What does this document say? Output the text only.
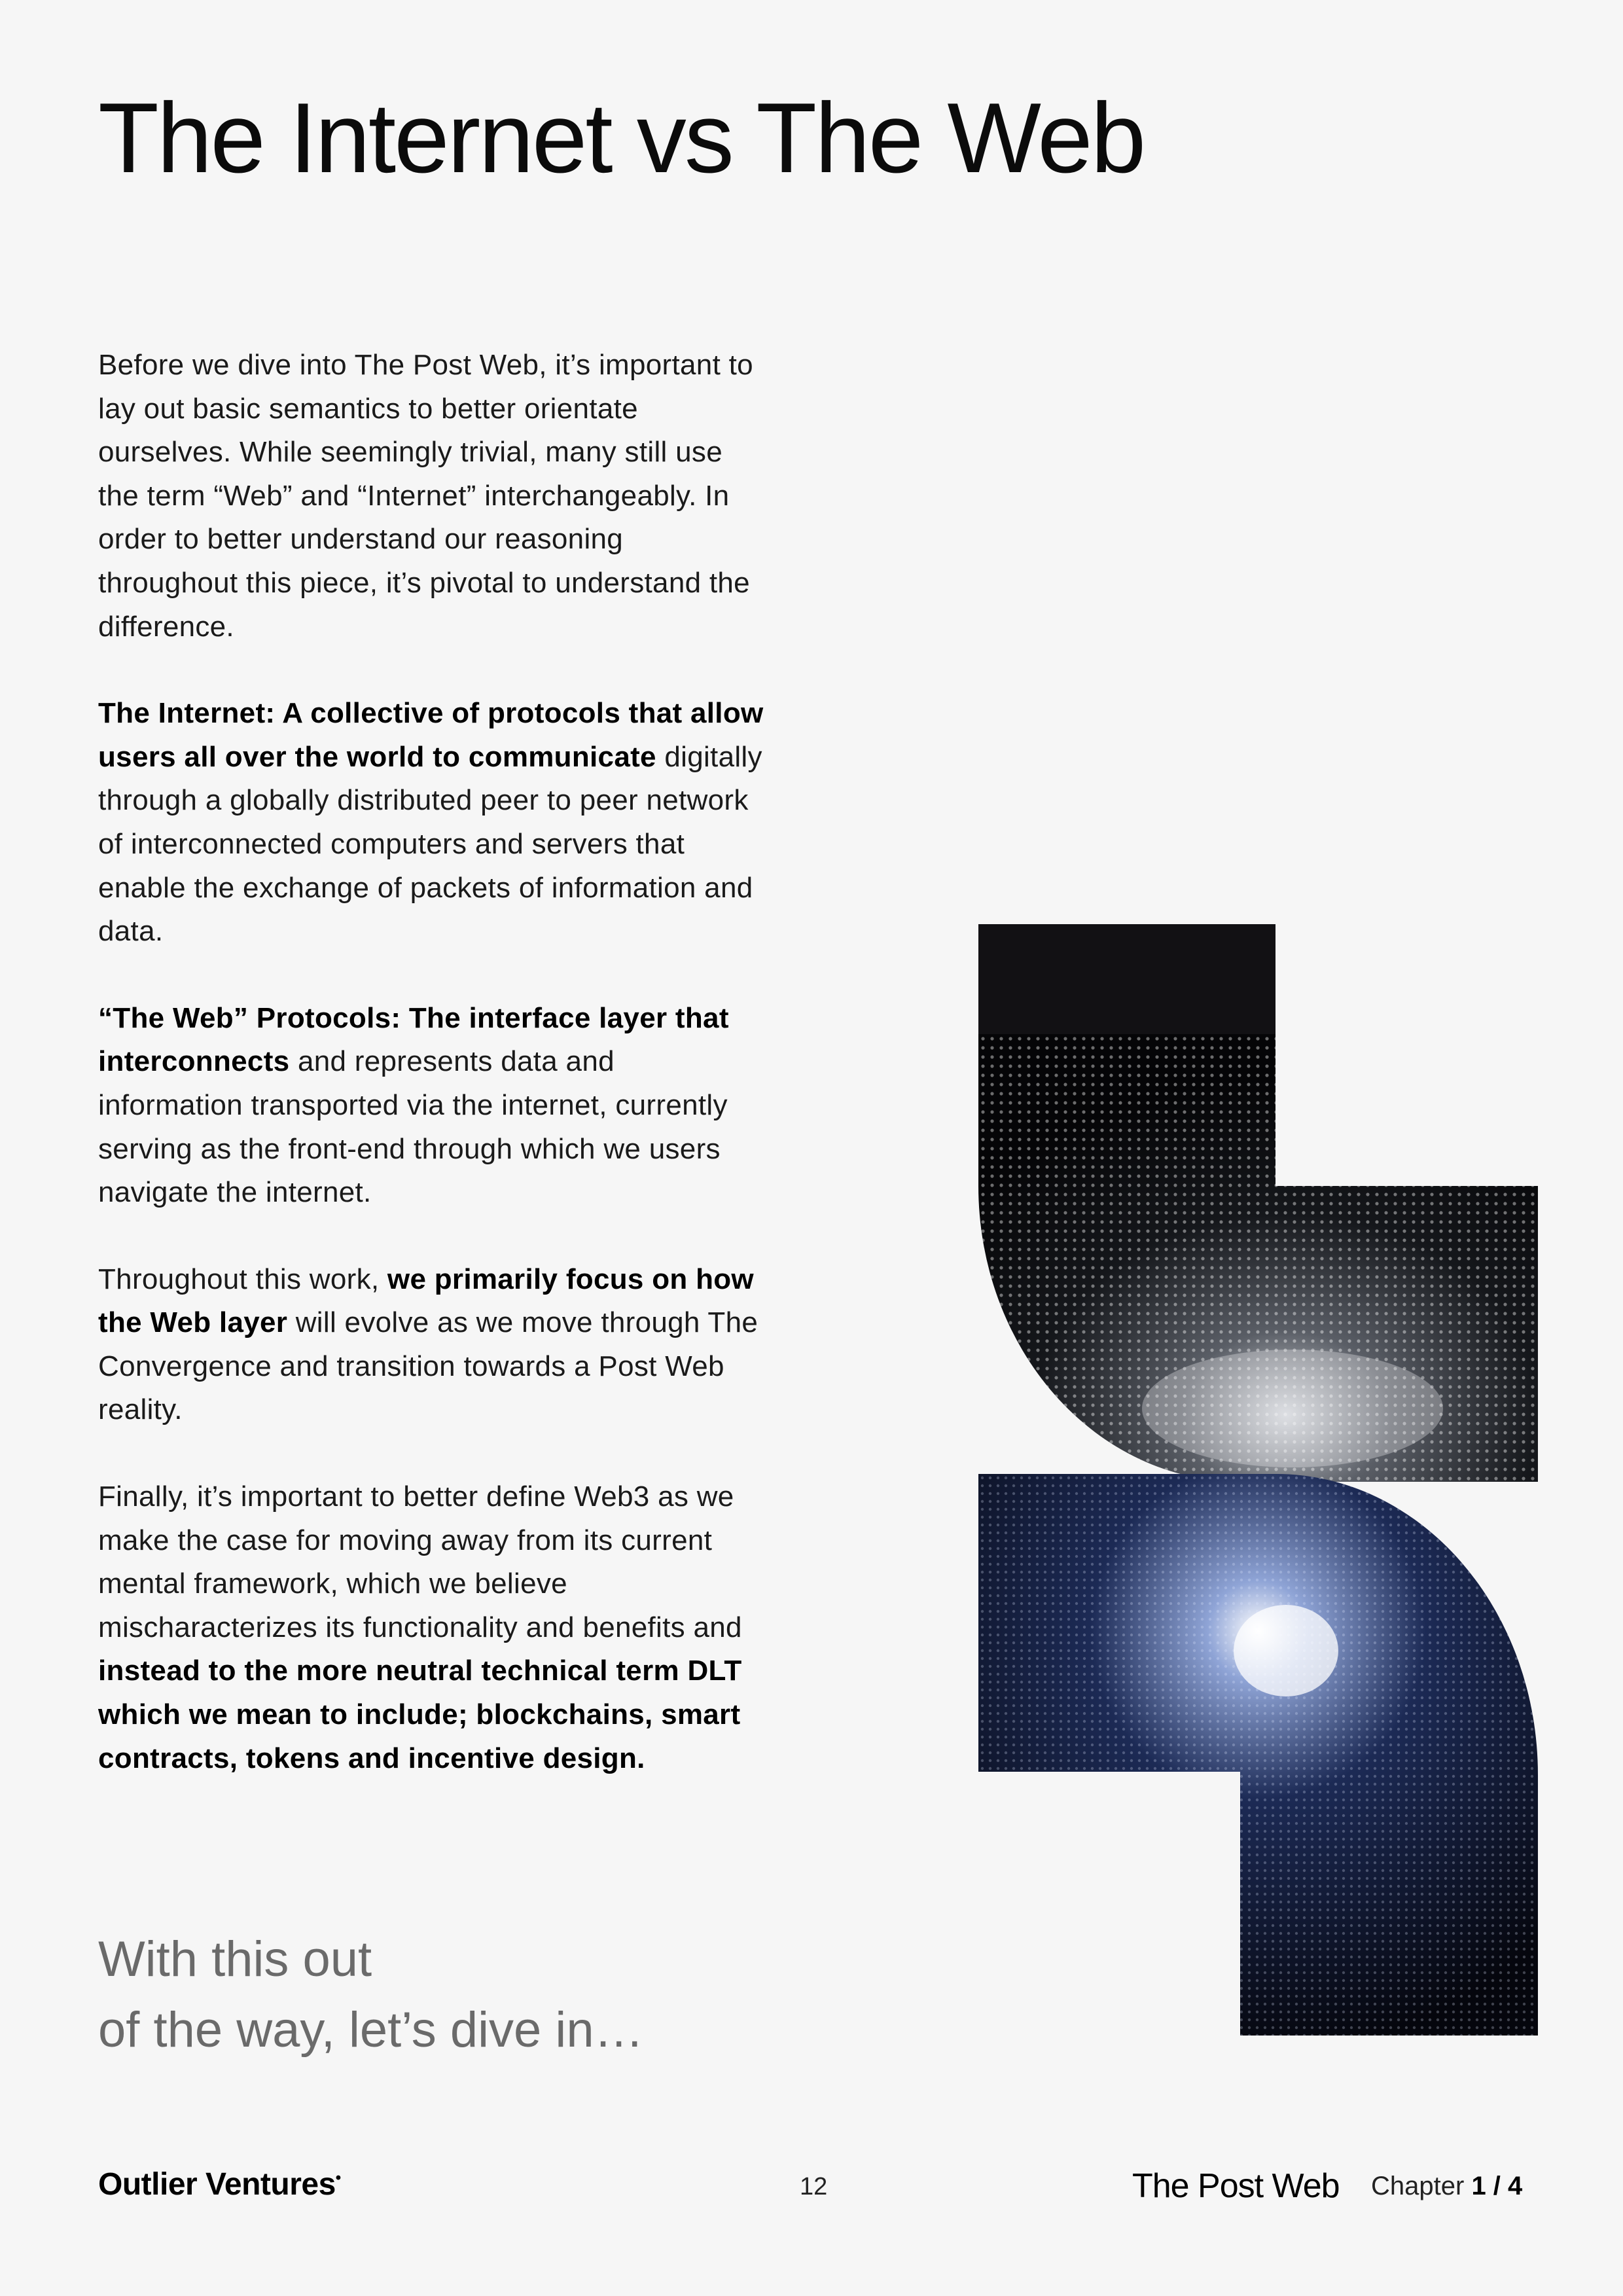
The Internet vs The Web

Before we dive into The Post Web, it’s important to lay out basic semantics to better orientate ourselves. While seemingly trivial, many still use the term “Web” and “Internet” interchangeably. In order to better understand our reasoning throughout this piece, it’s pivotal to understand the difference.

The Internet: A collective of protocols that allow users all over the world to communicate digitally through a globally distributed peer to peer network of interconnected computers and servers that enable the exchange of packets of information and data.

“The Web” Protocols: The interface layer that interconnects and represents data and information transported via the internet, currently serving as the front-end through which we users navigate the internet.

Throughout this work, we primarily focus on how the Web layer will evolve as we move through The Convergence and transition towards a Post Web reality.

Finally, it’s important to better define Web3 as we make the case for moving away from its current mental framework, which we believe mischaracterizes its functionality and benefits and instead to the more neutral technical term DLT which we mean to include; blockchains, smart contracts, tokens and incentive design.

With this out
of the way, let’s dive in…

Outlier Ventures•	12	The Post Web Chapter 1 / 4
